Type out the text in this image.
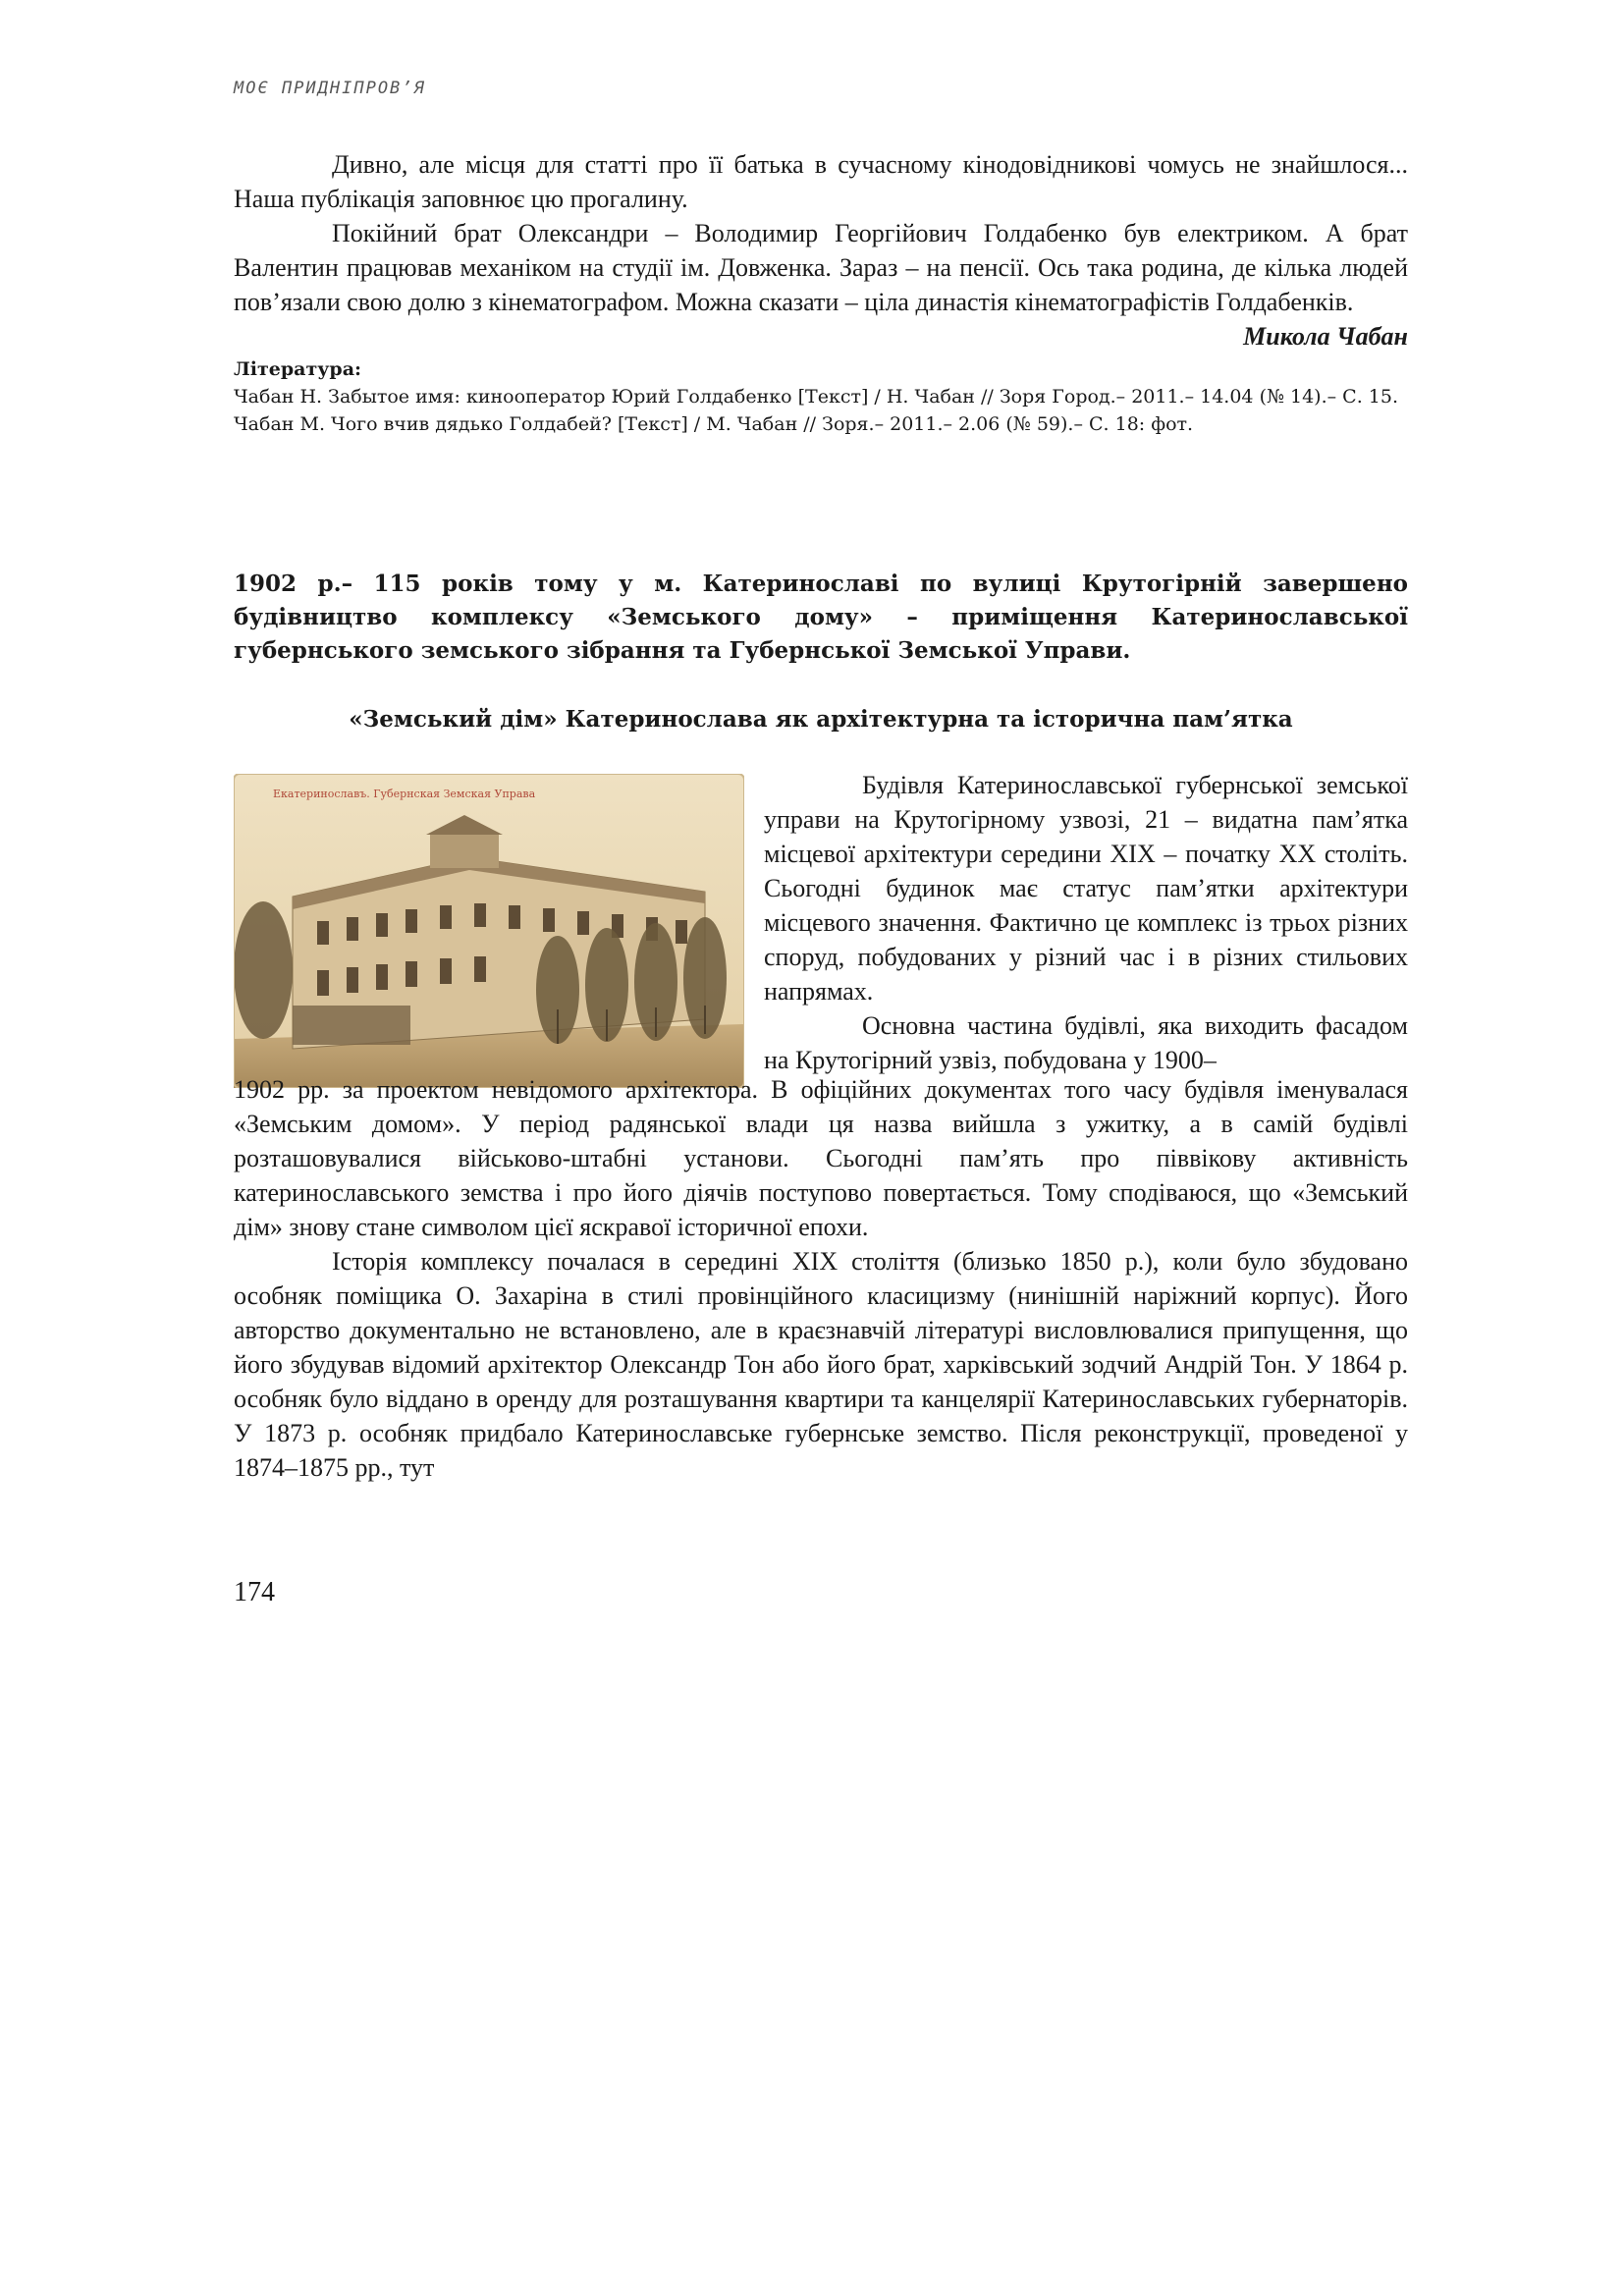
МОЄ ПРИДНІПРОВ’Я

Дивно, але місця для статті про її батька в сучасному кінодовідникові чомусь не знайшлося... Наша публікація заповнює цю прогалину.

Покійний брат Олександри – Володимир Георгійович Голдабенко був електриком. А брат Валентин працював механіком на студії ім. Довженка. Зараз – на пенсії. Ось така родина, де кілька людей пов’язали свою долю з кінематографом. Можна сказати – ціла династія кінематографістів Голдабенків.

Микола Чабан

Література:

Чабан Н. Забытое имя: кинооператор Юрий Голдабенко [Текст] / Н. Чабан // Зоря Город.– 2011.– 14.04 (№ 14).– С. 15.

Чабан М. Чого вчив дядько Голдабей? [Текст] / М. Чабан // Зоря.– 2011.– 2.06 (№ 59).– С. 18: фот.

1902 р.– 115 років тому у м. Катеринославі по вулиці Крутогірній завершено будівництво комплексу «Земського дому» – приміщення Катеринославської губернського земського зібрання та Губернської Земської Управи.

«Земський дім» Катеринослава як архітектурна та історична пам’ятка

Екатеринославъ. Губернская Земская Управа	Будівля Катеринославської губернської земської управи на Крутогірному узвозі, 21 – видатна пам’ятка місцевої архітектури середини XIX – початку XX століть. Сьогодні будинок має статус пам’ятки архітектури місцевого значення. Фактично це комплекс із трьох різних споруд, побудованих у різний час і в різних стильових напрямах.

Основна частина будівлі, яка виходить фасадом на Крутогірний узвіз, побудована у 1900–

1902 рр. за проектом невідомого архітектора. В офіційних документах того часу будівля іменувалася «Земським домом». У період радянської влади ця назва вийшла з ужитку, а в самій будівлі розташовувалися військово-штабні установи. Сьогодні пам’ять про піввікову активність катеринославського земства і про його діячів поступово повертається. Тому сподіваюся, що «Земський дім» знову стане символом цієї яскравої історичної епохи.

Історія комплексу почалася в середині XIX століття (близько 1850 р.), коли було збудовано особняк поміщика О. Захаріна в стилі провінційного класицизму (нинішній наріжний корпус). Його авторство документально не встановлено, але в краєзнавчій літературі висловлювалися припущення, що його збудував відомий архітектор Олександр Тон або його брат, харківський зодчий Андрій Тон. У 1864 р. особняк було віддано в оренду для розташування квартири та канцелярії Катеринославських губернаторів. У 1873 р. особняк придбало Катеринославське губернське земство. Після реконструкції, проведеної у 1874–1875 рр., тут

174
